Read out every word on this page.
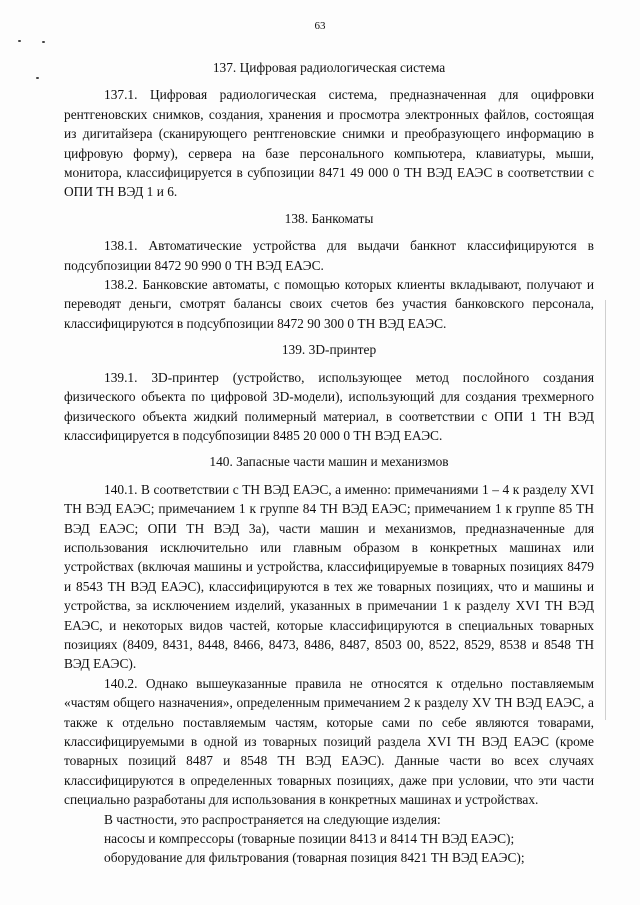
63
137. Цифровая радиологическая система

137.1. Цифровая радиологическая система, предназначенная для оцифровки рентгеновских снимков, создания, хранения и просмотра электронных файлов, состоящая из дигитайзера (сканирующего рентгеновские снимки и преобразующего информацию в цифровую форму), сервера на базе персонального компьютера, клавиатуры, мыши, монитора, классифицируется в субпозиции 8471 49 000 0 ТН ВЭД ЕАЭС в соответствии с ОПИ ТН ВЭД 1 и 6.

138. Банкоматы

138.1. Автоматические устройства для выдачи банкнот классифицируются в подсубпозиции 8472 90 990 0 ТН ВЭД ЕАЭС.

138.2. Банковские автоматы, с помощью которых клиенты вкладывают, получают и переводят деньги, смотрят балансы своих счетов без участия банковского персонала, классифицируются в подсубпозиции 8472 90 300 0 ТН ВЭД ЕАЭС.

139. 3D-принтер

139.1. 3D-принтер (устройство, использующее метод послойного создания физического объекта по цифровой 3D-модели), использующий для создания трехмерного физического объекта жидкий полимерный материал, в соответствии с ОПИ 1 ТН ВЭД классифицируется в подсубпозиции 8485 20 000 0 ТН ВЭД ЕАЭС.

140. Запасные части машин и механизмов

140.1. В соответствии с ТН ВЭД ЕАЭС, а именно: примечаниями 1 – 4 к разделу XVI ТН ВЭД ЕАЭС; примечанием 1 к группе 84 ТН ВЭД ЕАЭС; примечанием 1 к группе 85 ТН ВЭД ЕАЭС; ОПИ ТН ВЭД 3а), части машин и механизмов, предназначенные для использования исключительно или главным образом в конкретных машинах или устройствах (включая машины и устройства, классифицируемые в товарных позициях 8479 и 8543 ТН ВЭД ЕАЭС), классифицируются в тех же товарных позициях, что и машины и устройства, за исключением изделий, указанных в примечании 1 к разделу XVI ТН ВЭД ЕАЭС, и некоторых видов частей, которые классифицируются в специальных товарных позициях (8409, 8431, 8448, 8466, 8473, 8486, 8487, 8503 00, 8522, 8529, 8538 и 8548 ТН ВЭД ЕАЭС).

140.2. Однако вышеуказанные правила не относятся к отдельно поставляемым «частям общего назначения», определенным примечанием 2 к разделу XV ТН ВЭД ЕАЭС, а также к отдельно поставляемым частям, которые сами по себе являются товарами, классифицируемыми в одной из товарных позиций раздела XVI ТН ВЭД ЕАЭС (кроме товарных позиций 8487 и 8548 ТН ВЭД ЕАЭС). Данные части во всех случаях классифицируются в определенных товарных позициях, даже при условии, что эти части специально разработаны для использования в конкретных машинах и устройствах.

В частности, это распространяется на следующие изделия:

насосы и компрессоры (товарные позиции 8413 и 8414 ТН ВЭД ЕАЭС);

оборудование для фильтрования (товарная позиция 8421 ТН ВЭД ЕАЭС);
